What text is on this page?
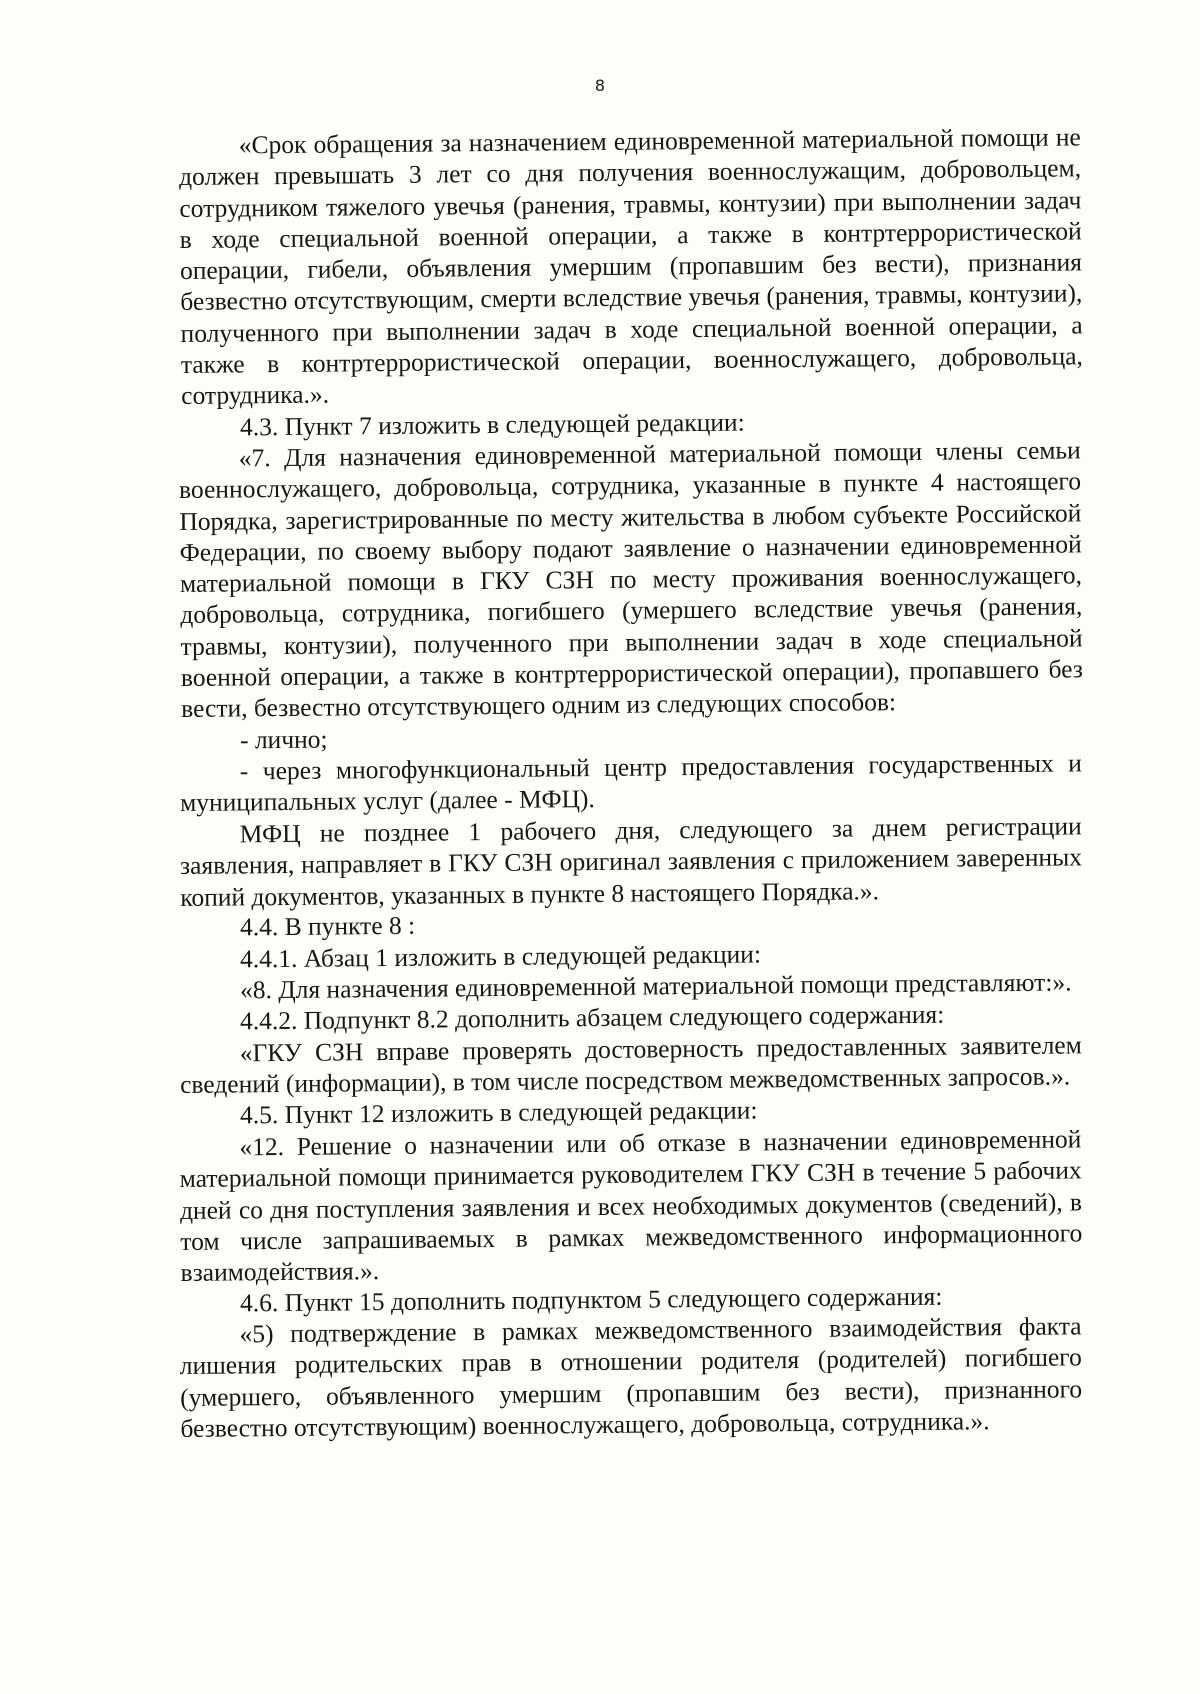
8

«Срок обращения за назначением единовременной материальной помощи не должен превышать 3 лет со дня получения военнослужащим, добровольцем, сотрудником тяжелого увечья (ранения, травмы, контузии) при выполнении задач в ходе специальной военной операции, а также в контртеррористической операции, гибели, объявления умершим (пропавшим без вести), признания безвестно отсутствующим, смерти вследствие увечья (ранения, травмы, контузии), полученного при выполнении задач в ходе специальной военной операции, а также в контртеррористической операции, военнослужащего, добровольца, сотрудника.».

4.3. Пункт 7 изложить в следующей редакции:

«7. Для назначения единовременной материальной помощи члены семьи военнослужащего, добровольца, сотрудника, указанные в пункте 4 настоящего Порядка, зарегистрированные по месту жительства в любом субъекте Российской Федерации, по своему выбору подают заявление о назначении единовременной материальной помощи в ГКУ СЗН по месту проживания военнослужащего, добровольца, сотрудника, погибшего (умершего вследствие увечья (ранения, травмы, контузии), полученного при выполнении задач в ходе специальной военной операции, а также в контртеррористической операции), пропавшего без вести, безвестно отсутствующего одним из следующих способов:

- лично;

- через многофункциональный центр предоставления государственных и муниципальных услуг (далее - МФЦ).

МФЦ не позднее 1 рабочего дня, следующего за днем регистрации заявления, направляет в ГКУ СЗН оригинал заявления с приложением заверенных копий документов, указанных в пункте 8 настоящего Порядка.».

4.4. В пункте 8 :

4.4.1. Абзац 1 изложить в следующей редакции:

«8. Для назначения единовременной материальной помощи представляют:».

4.4.2. Подпункт 8.2 дополнить абзацем следующего содержания:

«ГКУ СЗН вправе проверять достоверность предоставленных заявителем сведений (информации), в том числе посредством межведомственных запросов.».

4.5. Пункт 12 изложить в следующей редакции:

«12. Решение о назначении или об отказе в назначении единовременной материальной помощи принимается руководителем ГКУ СЗН в течение 5 рабочих дней со дня поступления заявления и всех необходимых документов (сведений), в том числе запрашиваемых в рамках межведомственного информационного взаимодействия.».

4.6. Пункт 15 дополнить подпунктом 5 следующего содержания:

«5) подтверждение в рамках межведомственного взаимодействия факта лишения родительских прав в отношении родителя (родителей) погибшего (умершего, объявленного умершим (пропавшим без вести), признанного безвестно отсутствующим) военнослужащего, добровольца, сотрудника.».
